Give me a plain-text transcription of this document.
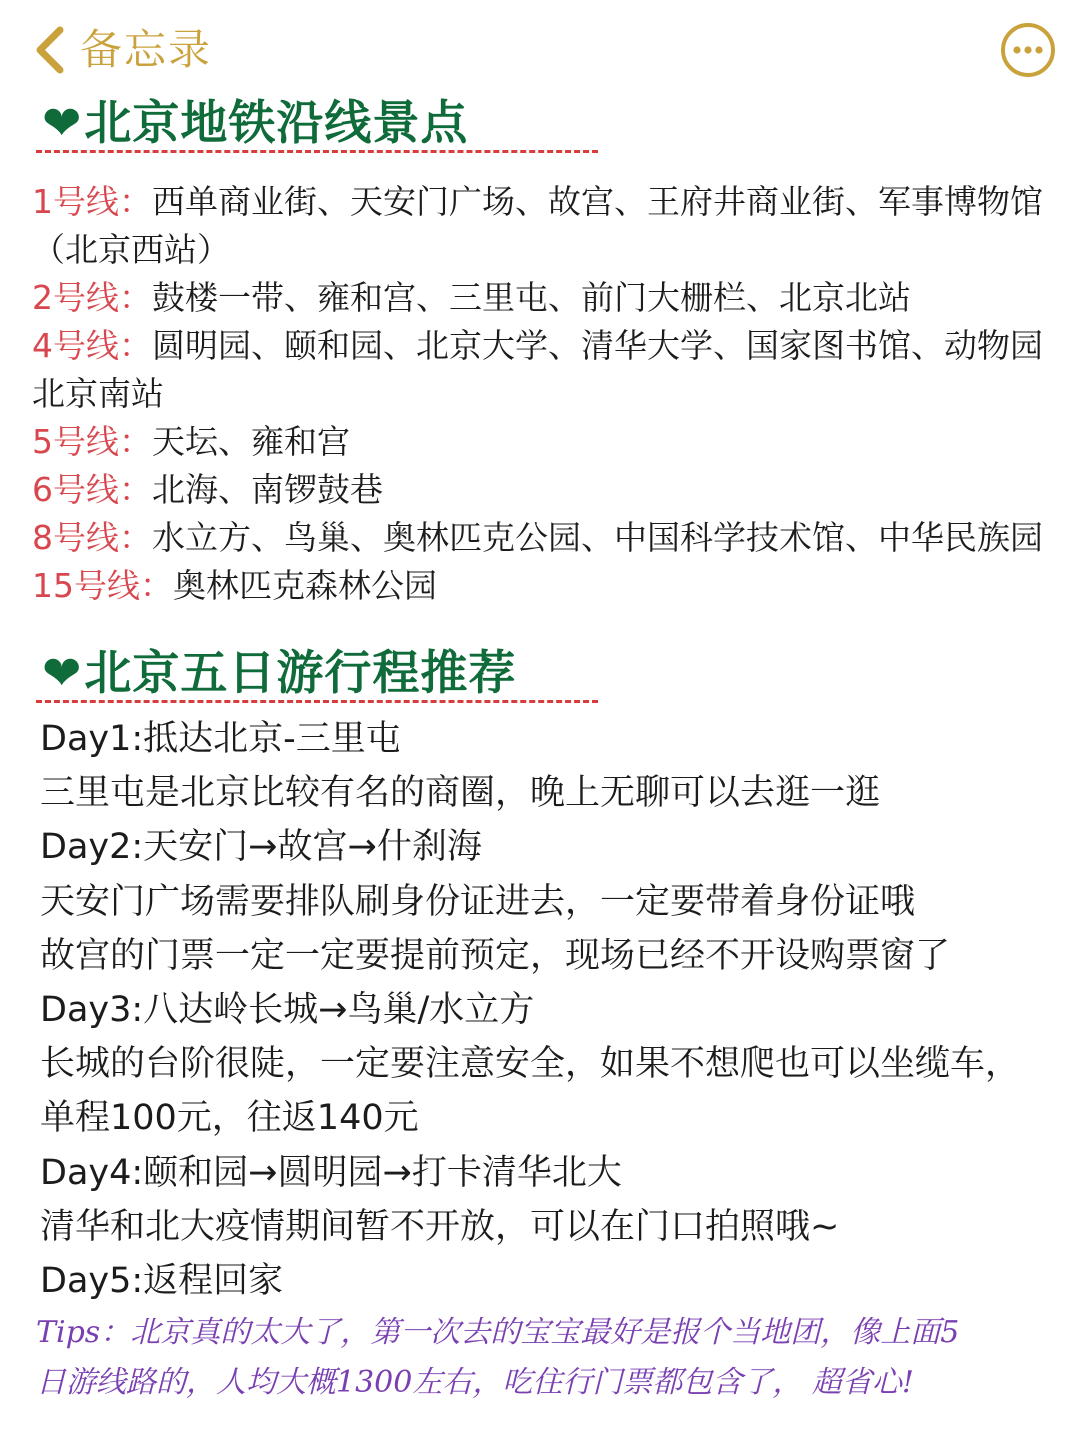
备忘录
❤北京地铁沿线景点

1号线：西单商业街、天安门广场、故宫、王府井商业街、军事博物馆

（北京西站）

2号线：鼓楼一带、雍和宫、三里屯、前门大栅栏、北京北站

4号线：圆明园、颐和园、北京大学、清华大学、国家图书馆、动物园

北京南站

5号线：天坛、雍和宫

6号线：北海、南锣鼓巷

8号线：水立方、鸟巢、奥林匹克公园、中国科学技术馆、中华民族园

15号线：奥林匹克森林公园

❤北京五日游行程推荐

Day1:抵达北京-三里屯

三里屯是北京比较有名的商圈，晚上无聊可以去逛一逛

Day2:天安门→故宫→什刹海

天安门广场需要排队刷身份证进去，一定要带着身份证哦

故宫的门票一定一定要提前预定，现场已经不开设购票窗了

Day3:八达岭长城→鸟巢/水立方

长城的台阶很陡，一定要注意安全，如果不想爬也可以坐缆车，

单程100元，往返140元

Day4:颐和园→圆明园→打卡清华北大

清华和北大疫情期间暂不开放，可以在门口拍照哦~

Day5:返程回家

Tips：北京真的太大了，第一次去的宝宝最好是报个当地团，像上面5

日游线路的，人均大概1300左右，吃住行门票都包含了， 超省心!
